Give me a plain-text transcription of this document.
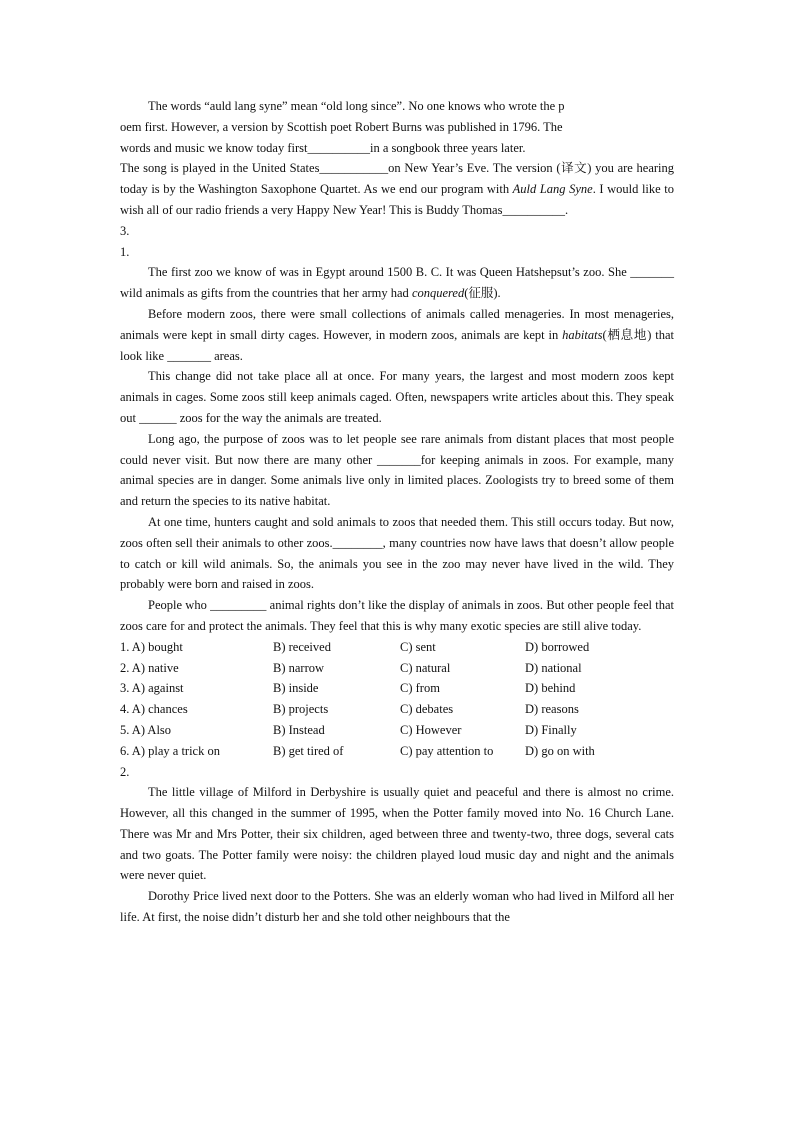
The words “auld lang syne” mean “old long since”. No one knows who wrote the p
oem first. However, a version by Scottish poet Robert Burns was published in 1796. The
words and music we know today first__________in a songbook three years later.
The song is played in the United States___________on New Year’s Eve. The version (译文) you are hearing today is by the Washington Saxophone Quartet. As we end our program with Auld Lang Syne. I would like to wish all of our radio friends a very Happy New Year! This is Buddy Thomas__________.

3.

1.

The first zoo we know of was in Egypt around 1500 B. C. It was Queen Hatshepsut’s zoo. She _______ wild animals as gifts from the countries that her army had conquered(征服).

Before modern zoos, there were small collections of animals called menageries. In most menageries, animals were kept in small dirty cages. However, in modern zoos, animals are kept in habitats(栖息地) that look like _______ areas.

This change did not take place all at once. For many years, the largest and most modern zoos kept animals in cages. Some zoos still keep animals caged. Often, newspapers write articles about this. They speak out ______ zoos for the way the animals are treated.

Long ago, the purpose of zoos was to let people see rare animals from distant places that most people could never visit. But now there are many other _______for keeping animals in zoos. For example, many animal species are in danger. Some animals live only in limited places. Zoologists try to breed some of them and return the species to its native habitat.

At one time, hunters caught and sold animals to zoos that needed them. This still occurs today. But now, zoos often sell their animals to other zoos.________, many countries now have laws that doesn’t allow people to catch or kill wild animals. So, the animals you see in the zoo may never have lived in the wild. They probably were born and raised in zoos.

People who _________ animal rights don’t like the display of animals in zoos. But other people feel that zoos care for and protect the animals. They feel that this is why many exotic species are still alive today.

1. A) bought	B) received	C) sent	D) borrowed
2. A) native	B) narrow	C) natural	D) national
3. A) against	B) inside	C) from	D) behind
4. A) chances	B) projects	C) debates	D) reasons
5. A) Also	B) Instead	C) However	D) Finally
6. A) play a trick on	B) get tired of	C) pay attention to	D) go on with

2.

The little village of Milford in Derbyshire is usually quiet and peaceful and there is almost no crime. However, all this changed in the summer of 1995, when the Potter family moved into No. 16 Church Lane. There was Mr and Mrs Potter, their six children, aged between three and twenty-two, three dogs, several cats and two goats. The Potter family were noisy: the children played loud music day and night and the animals were never quiet.

Dorothy Price lived next door to the Potters. She was an elderly woman who had lived in Milford all her life. At first, the noise didn’t disturb her and she told other neighbours that the
